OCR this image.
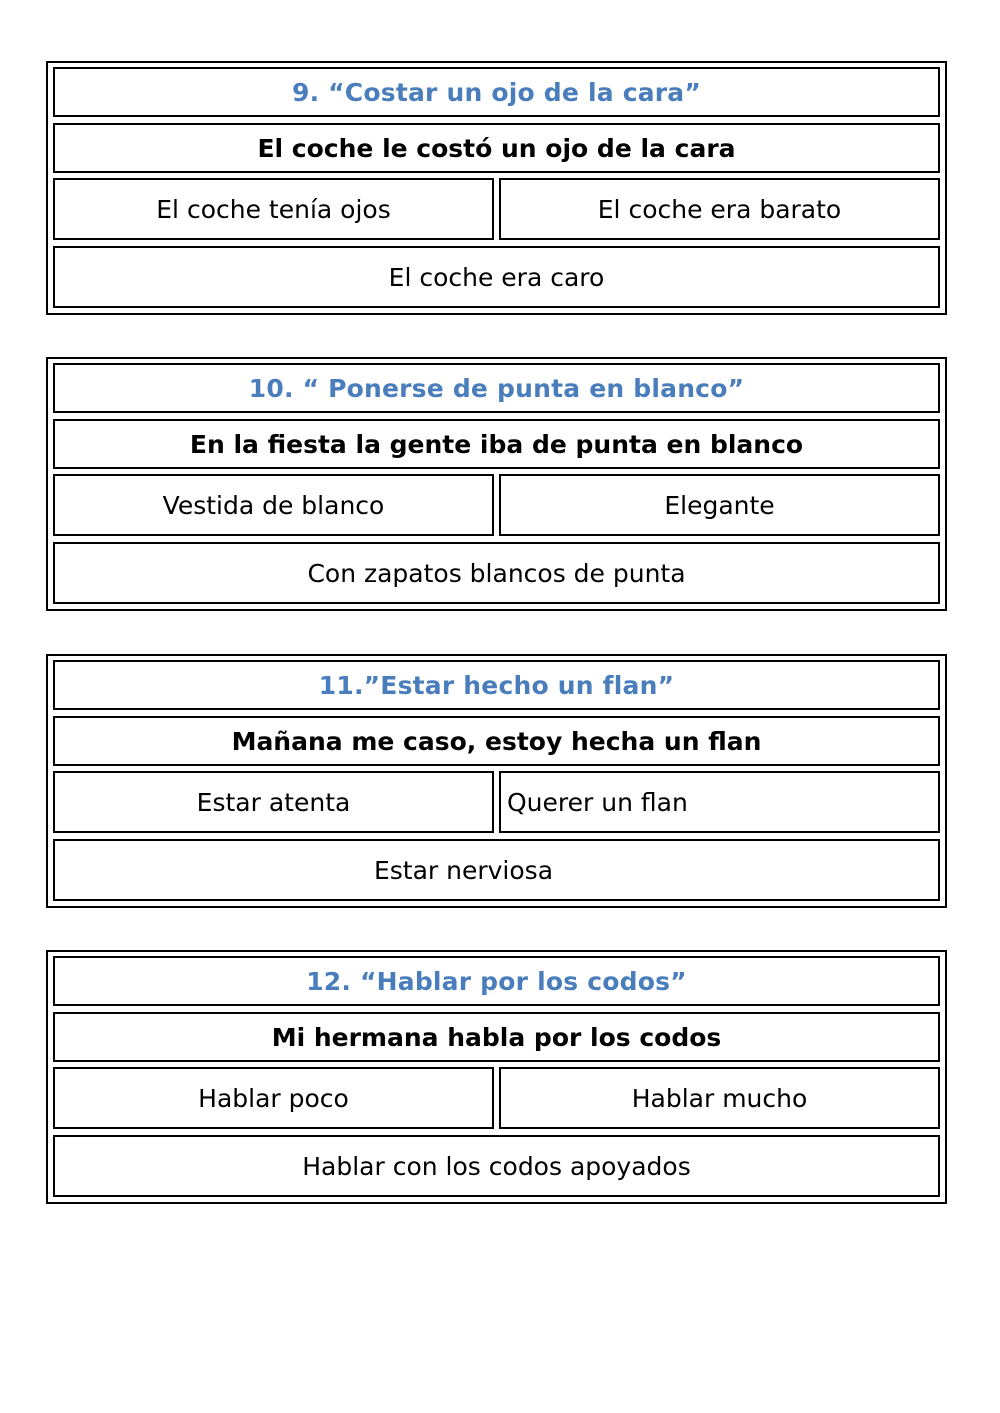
9. “Costar un ojo de la cara”
El coche le costó un ojo de la cara
El coche tenía ojos	El coche era barato
El coche era caro
10. “ Ponerse de punta en blanco”
En la fiesta la gente iba de punta en blanco
Vestida de blanco	Elegante
Con zapatos blancos de punta
11.”Estar hecho un flan”
Mañana me caso, estoy hecha un flan
Estar atenta	Querer un flan
Estar nerviosa
12. “Hablar por los codos”
Mi hermana habla por los codos
Hablar poco	Hablar mucho
Hablar con los codos apoyados
